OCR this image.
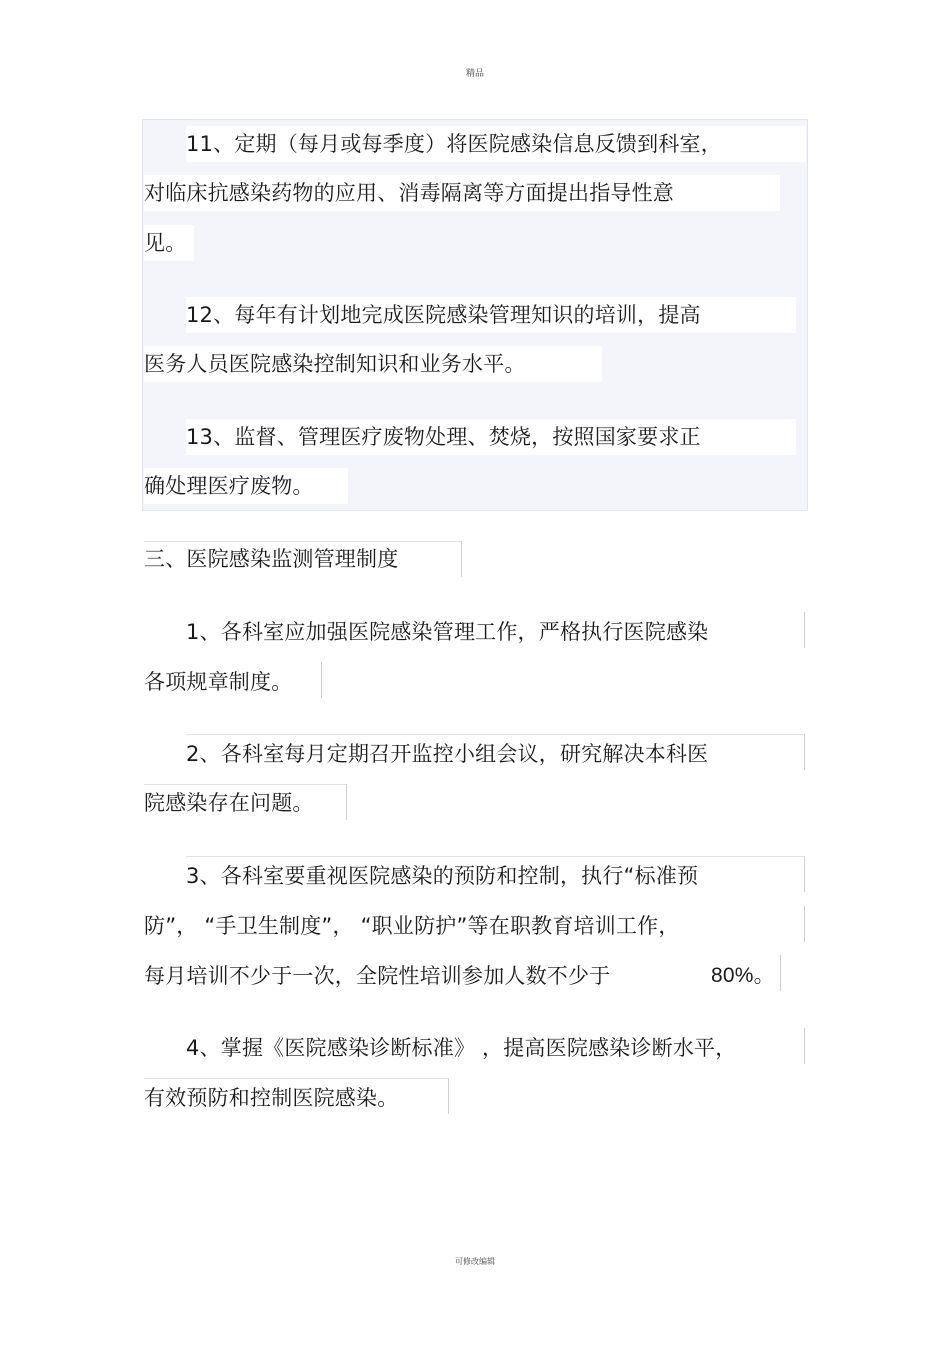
精品
11、定期（每月或每季度）将医院感染信息反馈到科室，
对临床抗感染药物的应用、消毒隔离等方面提出指导性意
见。
12、每年有计划地完成医院感染管理知识的培训，提高
医务人员医院感染控制知识和业务水平。
13、监督、管理医疗废物处理、焚烧，按照国家要求正
确处理医疗废物。
三、医院感染监测管理制度
1、各科室应加强医院感染管理工作，严格执行医院感染
各项规章制度。
2、各科室每月定期召开监控小组会议，研究解决本科医
院感染存在问题。
3、各科室要重视医院感染的预防和控制，执行“标准预
防”， “手卫生制度”， “职业防护”等在职教育培训工作，
每月培训不少于一次，全院性培训参加人数不少于	80%。
4、掌握《医院感染诊断标准》 ，提高医院感染诊断水平，
有效预防和控制医院感染。
可修改编辑
